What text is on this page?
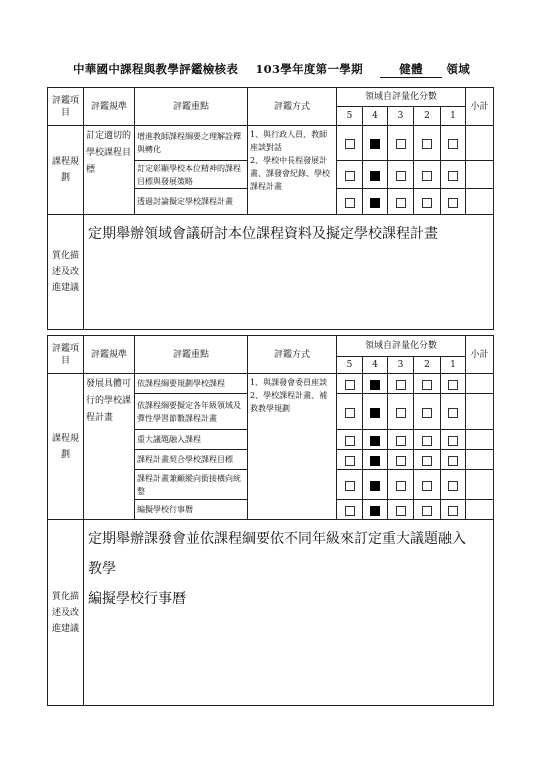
中華國中課程與教學評鑑檢核表 103學年度第一學期	健體 領域
評鑑項目	評鑑規準	評鑑重點	評鑑方式	領域自評量化分數					小計
				5	4	3	2	1	
課程規劃	訂定適切的學校課程目標	增進教師課程綱要之理解詮釋與轉化	1、與行政人員、教師座談對話
2、學校中長程發展計畫、課發會紀錄、學校課程計畫						

		訂定彰顯學校本位精神的課程目標與發展策略							
		透過討論擬定學校課程計畫							
質化描述及改進建議	定期舉辦領域會議研討本位課程資料及擬定學校課程計畫								
評鑑項目	評鑑規準	評鑑重點	評鑑方式	領域自評量化分數					小計
				5	4	3	2	1	
課程規劃	發展具體可行的學校課程計畫	依課程綱要規劃學校課程	1、與課發會委員座談
2、學校課程計畫、補救教學規劃						

		依課程綱要擬定各年級領域及彈性學習節數課程計畫							
		重大議題融入課程							
		課程計畫契合學校課程目標							
		課程計畫兼顧縱向銜接橫向統整							
		編擬學校行事曆							
質化描述及改進建議	定期舉辦課發會並依課程綱要依不同年級來訂定重大議題融入
教學
編擬學校行事曆								
